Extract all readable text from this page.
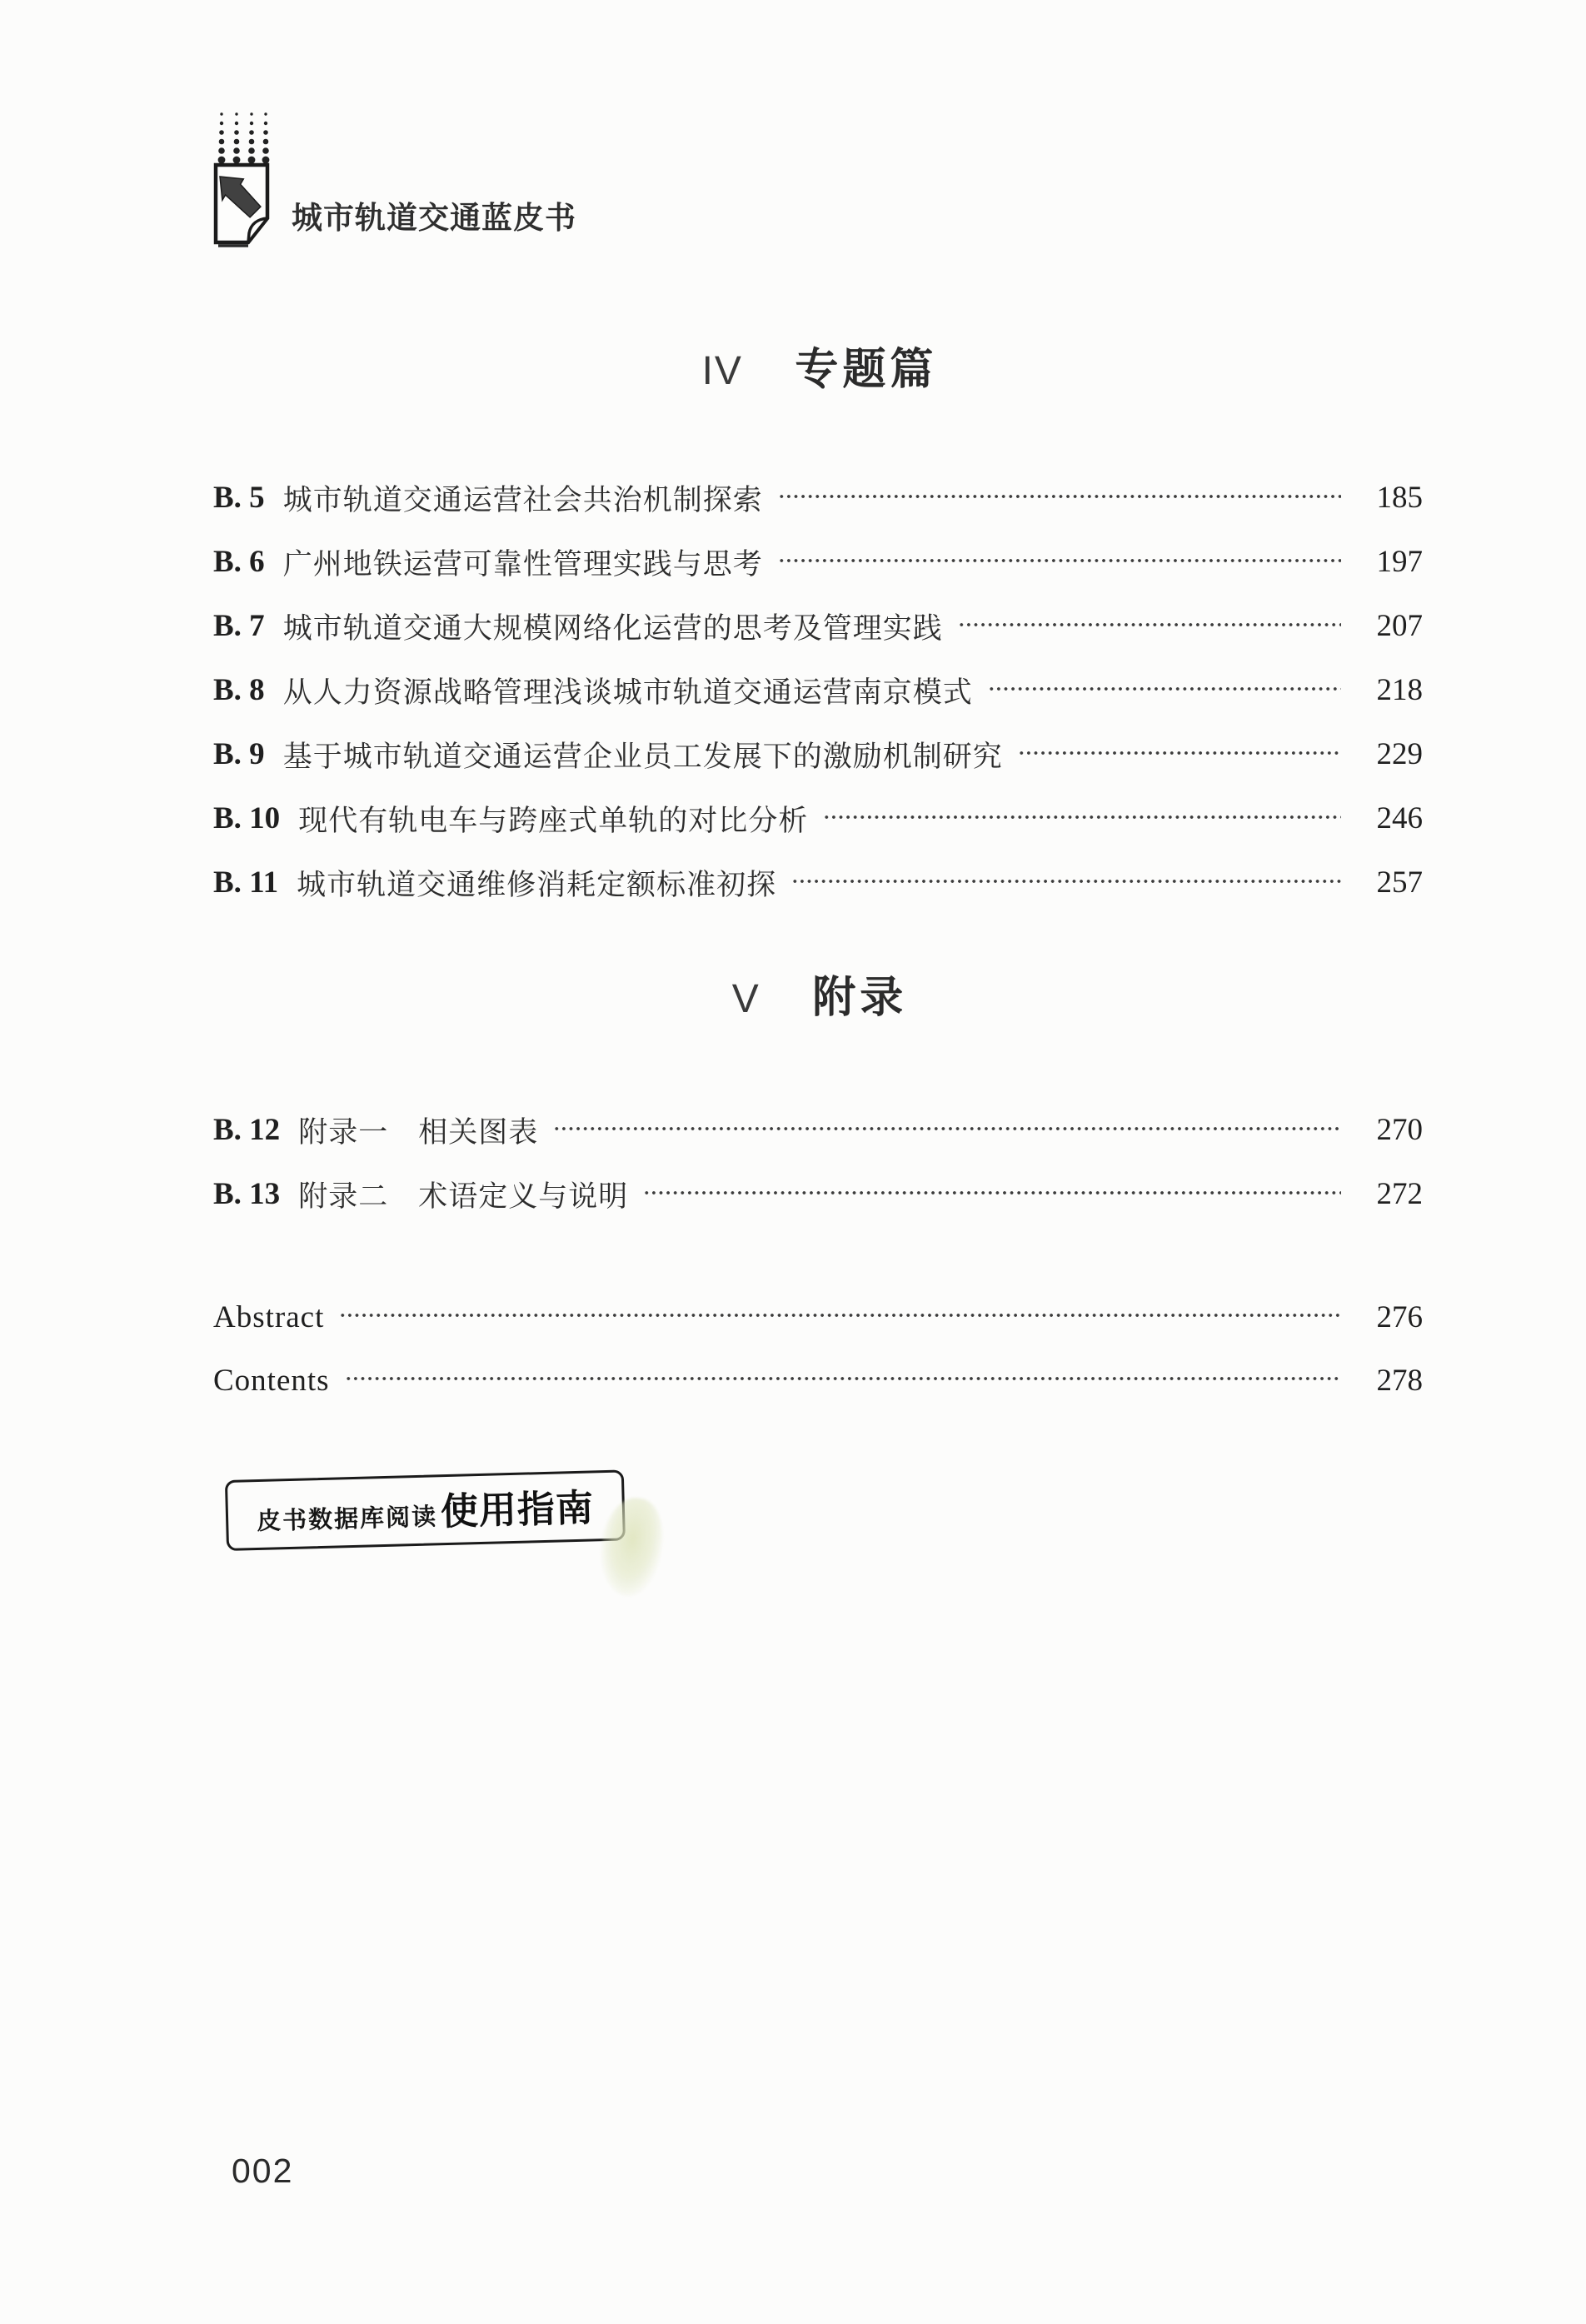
城市轨道交通蓝皮书
IV 专题篇
B. 5 城市轨道交通运营社会共治机制探索	185
B. 6 广州地铁运营可靠性管理实践与思考	197
B. 7 城市轨道交通大规模网络化运营的思考及管理实践	207
B. 8 从人力资源战略管理浅谈城市轨道交通运营南京模式	218
B. 9 基于城市轨道交通运营企业员工发展下的激励机制研究	229
B. 10 现代有轨电车与跨座式单轨的对比分析	246
B. 11 城市轨道交通维修消耗定额标准初探	257
V 附录
B. 12 附录一　相关图表	270
B. 13 附录二　术语定义与说明	272
Abstract	276
Contents	278
皮书数据库阅读 使用指南
002
